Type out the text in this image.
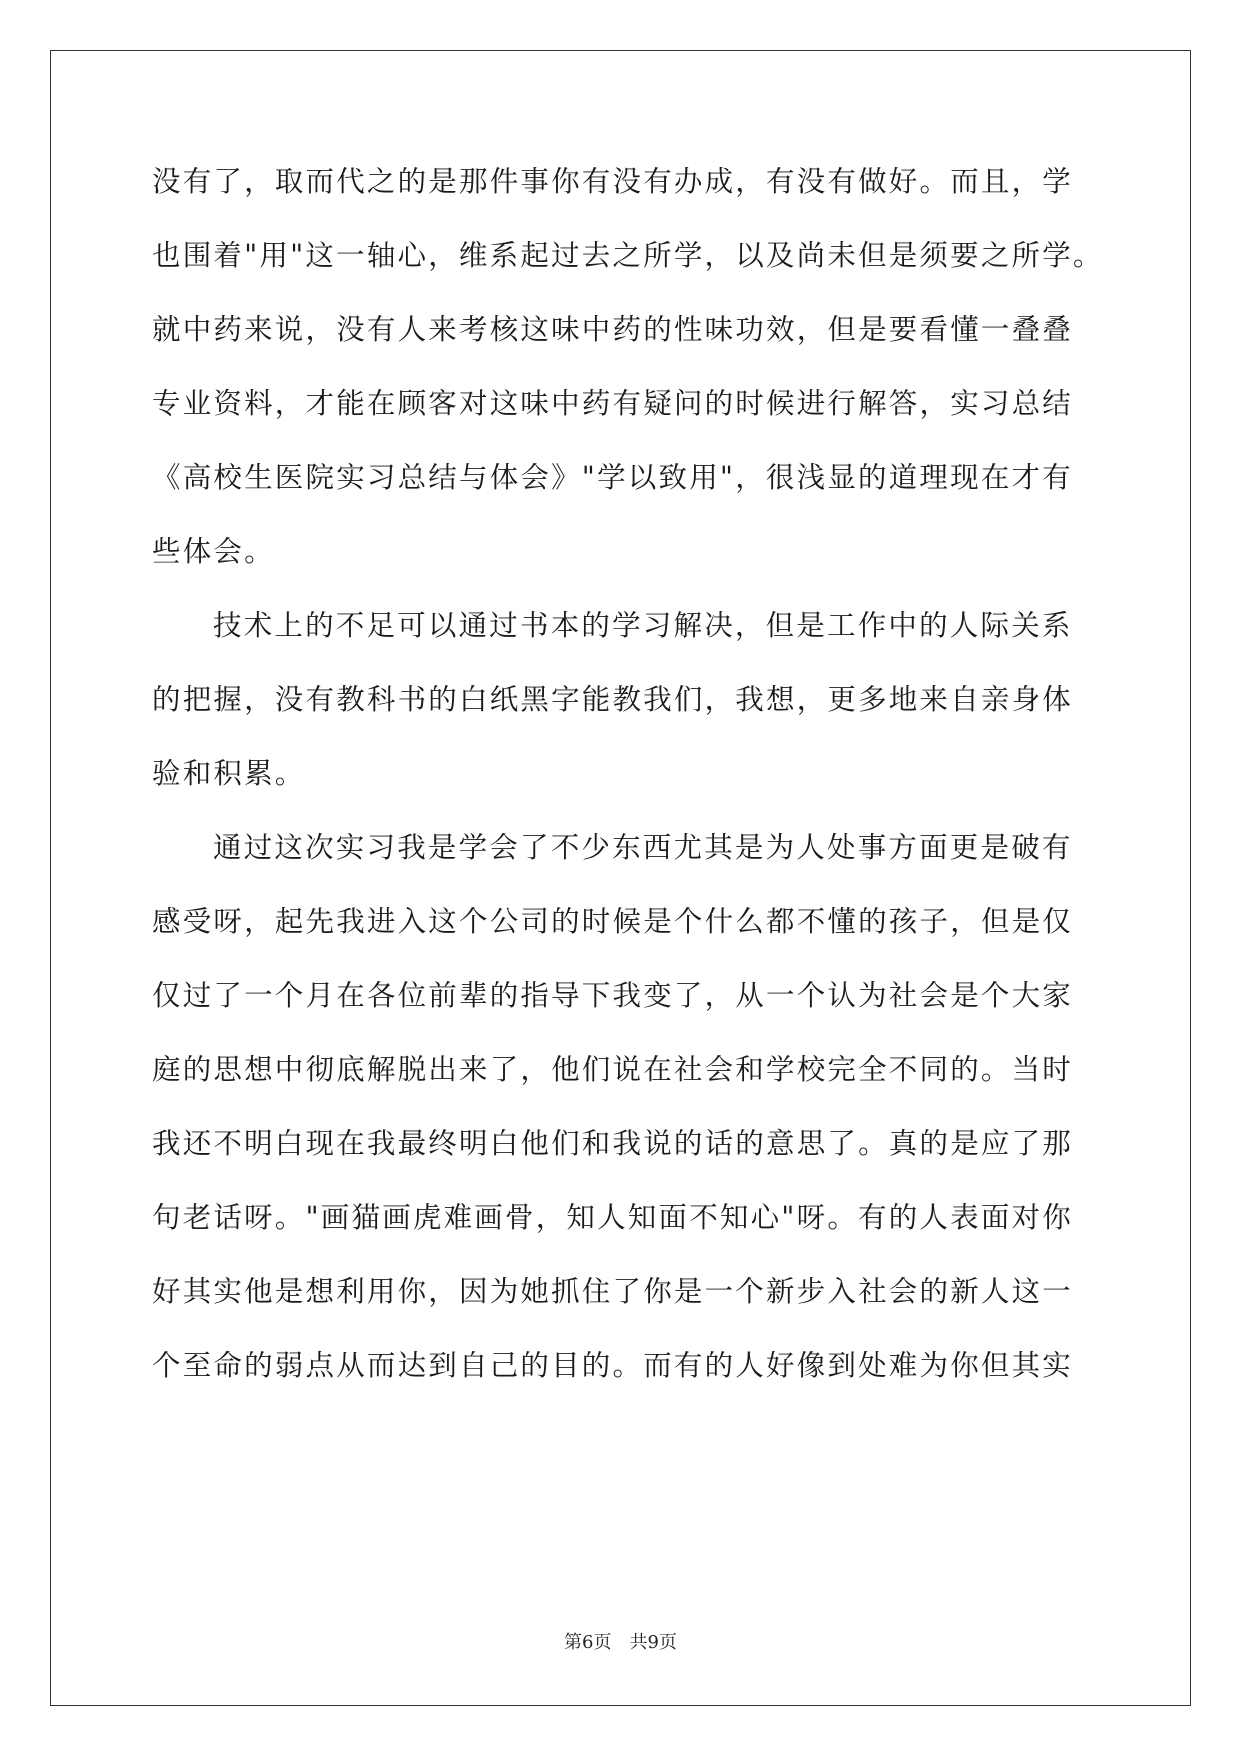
没有了，取而代之的是那件事你有没有办成，有没有做好。而且，学
也围着"用"这一轴心，维系起过去之所学，以及尚未但是须要之所学。
就中药来说，没有人来考核这味中药的性味功效，但是要看懂一叠叠
专业资料，才能在顾客对这味中药有疑问的时候进行解答，实习总结
《高校生医院实习总结与体会》"学以致用"，很浅显的道理现在才有
些体会。
技术上的不足可以通过书本的学习解决，但是工作中的人际关系
的把握，没有教科书的白纸黑字能教我们，我想，更多地来自亲身体
验和积累。
通过这次实习我是学会了不少东西尤其是为人处事方面更是破有
感受呀，起先我进入这个公司的时候是个什么都不懂的孩子，但是仅
仅过了一个月在各位前辈的指导下我变了，从一个认为社会是个大家
庭的思想中彻底解脱出来了，他们说在社会和学校完全不同的。当时
我还不明白现在我最终明白他们和我说的话的意思了。真的是应了那
句老话呀。"画猫画虎难画骨，知人知面不知心"呀。有的人表面对你
好其实他是想利用你，因为她抓住了你是一个新步入社会的新人这一
个至命的弱点从而达到自己的目的。而有的人好像到处难为你但其实
第6页　共9页
